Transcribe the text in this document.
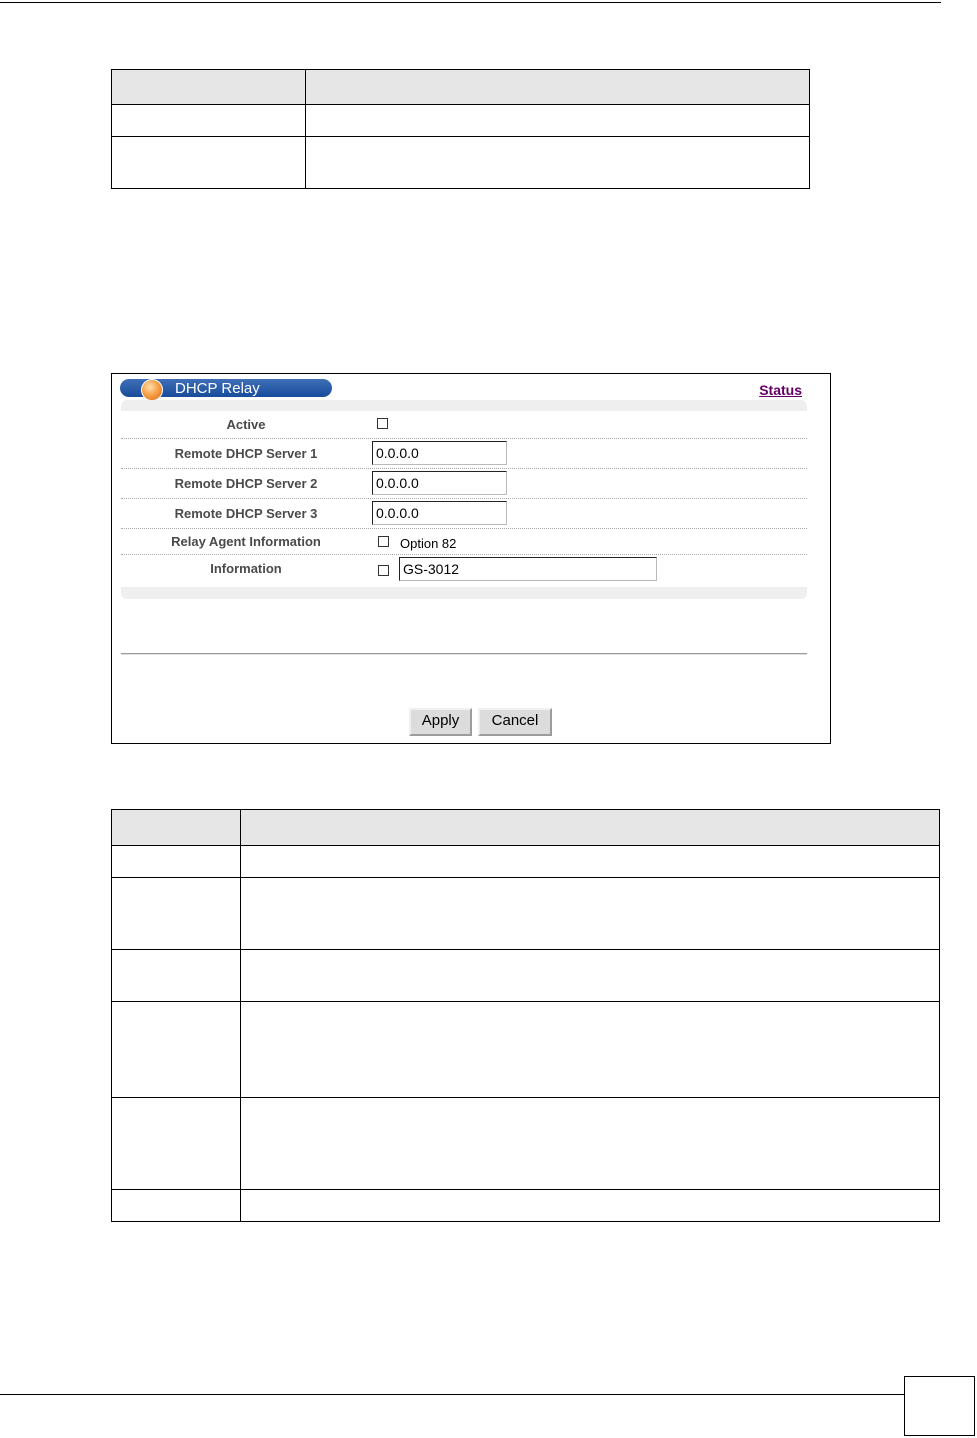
DHCP Relay	Status
Active
Remote DHCP Server 1	0.0.0.0
Remote DHCP Server 2	0.0.0.0
Remote DHCP Server 3	0.0.0.0
Relay Agent Information	Option 82
Information	GS-3012
Apply	Cancel
